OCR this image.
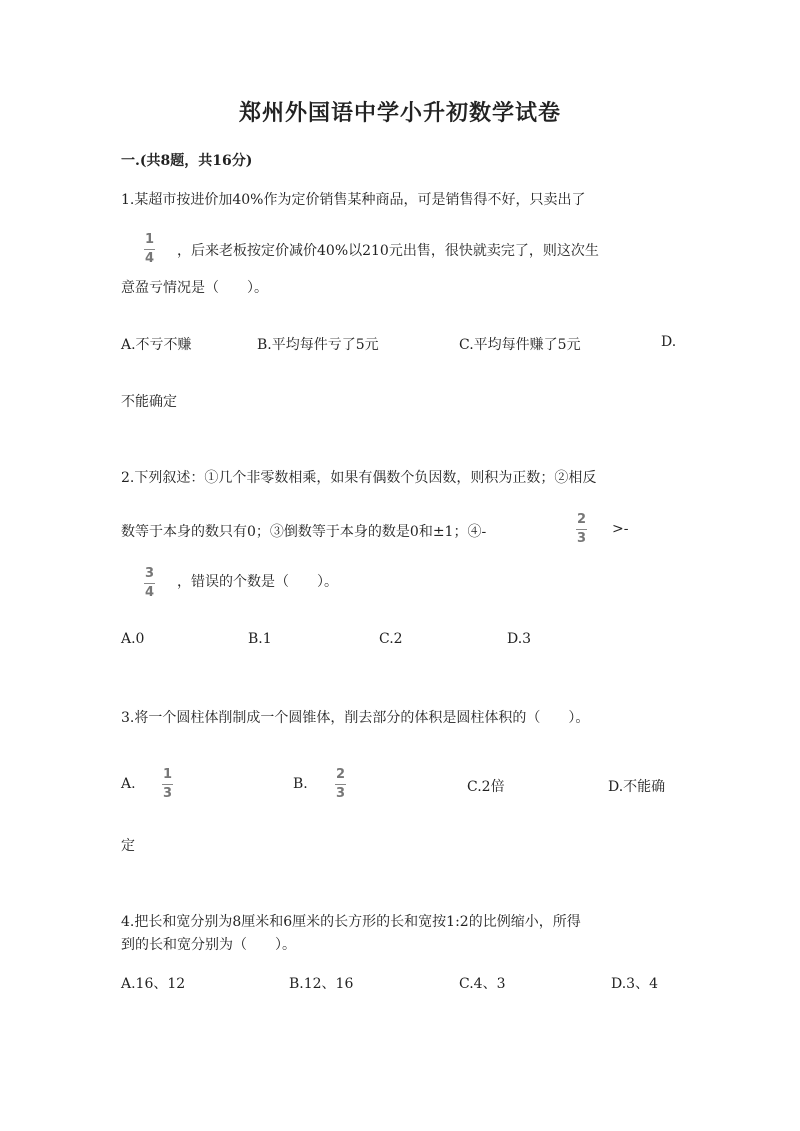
郑州外国语中学小升初数学试卷
一.(共8题，共16分)
1.某超市按进价加40%作为定价销售某种商品，可是销售得不好，只卖出了
1
4 ，后来老板按定价减价40%以210元出售，很快就卖完了，则这次生
意盈亏情况是（　　）。
A.不亏不赚	B.平均每件亏了5元	C.平均每件赚了5元	D.
不能确定
2.下列叙述：①几个非零数相乘，如果有偶数个负因数，则积为正数；②相反
数等于本身的数只有0；③倒数等于本身的数是0和±1；④-
2
3
>-
3
4
，错误的个数是（　　）。
A.0	B.1	C.2	D.3
3.将一个圆柱体削制成一个圆锥体，削去部分的体积是圆柱体积的（　　）。
A.
1
3
B.
2
3	C.2倍	D.不能确
定
4.把长和宽分别为8厘米和6厘米的长方形的长和宽按1:2的比例缩小，所得
到的长和宽分别为（　　）。
A.16、12	B.12、16	C.4、3	D.3、4
